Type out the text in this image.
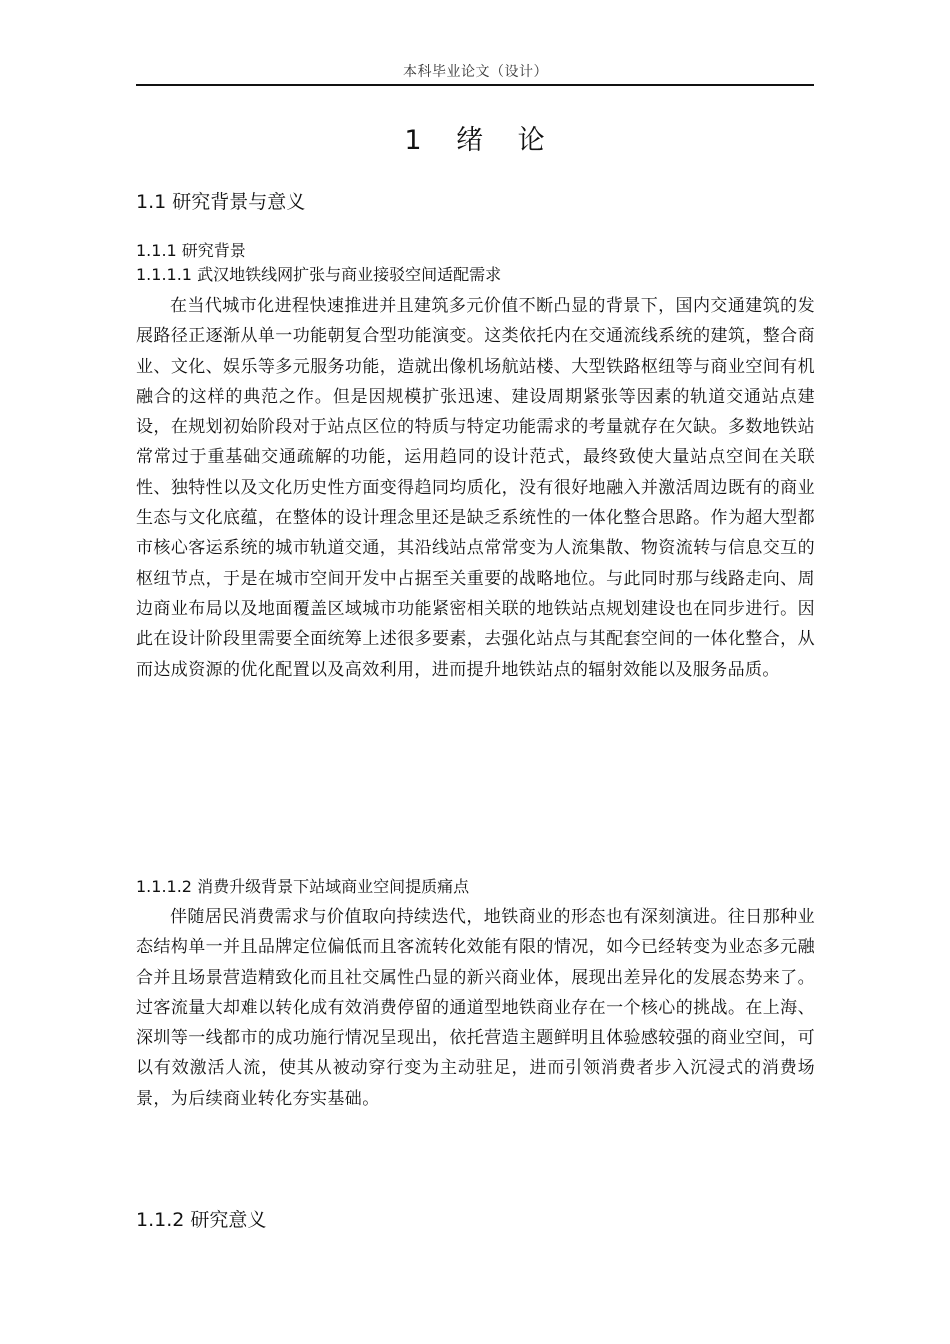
本科毕业论文（设计）
1 绪 论
1.1 研究背景与意义
1.1.1 研究背景
1.1.1.1 武汉地铁线网扩张与商业接驳空间适配需求

在当代城市化进程快速推进并且建筑多元价值不断凸显的背景下，国内交通建筑的发展路径正逐渐从单一功能朝复合型功能演变。这类依托内在交通流线系统的建筑，整合商业、文化、娱乐等多元服务功能，造就出像机场航站楼、大型铁路枢纽等与商业空间有机融合的这样的典范之作。但是因规模扩张迅速、建设周期紧张等因素的轨道交通站点建设，在规划初始阶段对于站点区位的特质与特定功能需求的考量就存在欠缺。多数地铁站常常过于重基础交通疏解的功能，运用趋同的设计范式，最终致使大量站点空间在关联性、独特性以及文化历史性方面变得趋同均质化，没有很好地融入并激活周边既有的商业生态与文化底蕴，在整体的设计理念里还是缺乏系统性的一体化整合思路。作为超大型都市核心客运系统的城市轨道交通，其沿线站点常常变为人流集散、物资流转与信息交互的枢纽节点，于是在城市空间开发中占据至关重要的战略地位。与此同时那与线路走向、周边商业布局以及地面覆盖区域城市功能紧密相关联的地铁站点规划建设也在同步进行。因此在设计阶段里需要全面统筹上述很多要素，去强化站点与其配套空间的一体化整合，从而达成资源的优化配置以及高效利用，进而提升地铁站点的辐射效能以及服务品质。

1.1.1.2 消费升级背景下站域商业空间提质痛点

伴随居民消费需求与价值取向持续迭代，地铁商业的形态也有深刻演进。往日那种业态结构单一并且品牌定位偏低而且客流转化效能有限的情况，如今已经转变为业态多元融合并且场景营造精致化而且社交属性凸显的新兴商业体，展现出差异化的发展态势来了。 过客流量大却难以转化成有效消费停留的通道型地铁商业存在一个核心的挑战。在上海、深圳等一线都市的成功施行情况呈现出，依托营造主题鲜明且体验感较强的商业空间，可以有效激活人流，使其从被动穿行变为主动驻足，进而引领消费者步入沉浸式的消费场景，为后续商业转化夯实基础。

1.1.2 研究意义
